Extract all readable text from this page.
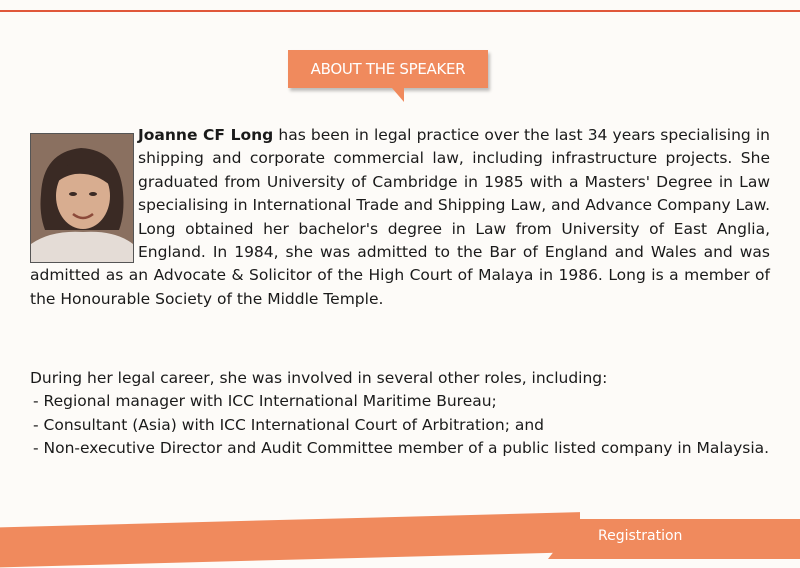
ABOUT THE SPEAKER

Joanne CF Long has been in legal practice over the last 34 years specialising in shipping and corporate commercial law, including infrastructure projects. She graduated from University of Cambridge in 1985 with a Masters' Degree in Law specialising in International Trade and Shipping Law, and Advance Company Law. Long obtained her bachelor's degree in Law from University of East Anglia, England. In 1984, she was admitted to the Bar of England and Wales and was admitted as an Advocate & Solicitor of the High Court of Malaya in 1986. Long is a member of the Honourable Society of the Middle Temple.

During her legal career, she was involved in several other roles, including:
- Regional manager with ICC International Maritime Bureau;
- Consultant (Asia) with ICC International Court of Arbitration; and
- Non-executive Director and Audit Committee member of a public listed company in Malaysia.
Registration
